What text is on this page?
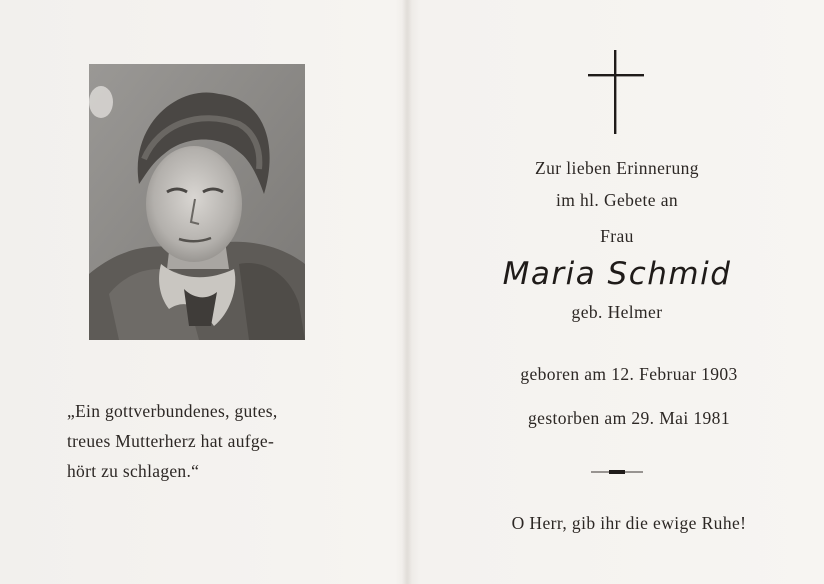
„Ein gottverbundenes, gutes,
treues Mutterherz hat aufge-
hört zu schlagen.“
Zur lieben Erinnerung
im hl. Gebete an
Frau
Maria Schmid
geb. Helmer
geboren am 12. Februar 1903
gestorben am 29. Mai 1981
O Herr, gib ihr die ewige Ruhe!
